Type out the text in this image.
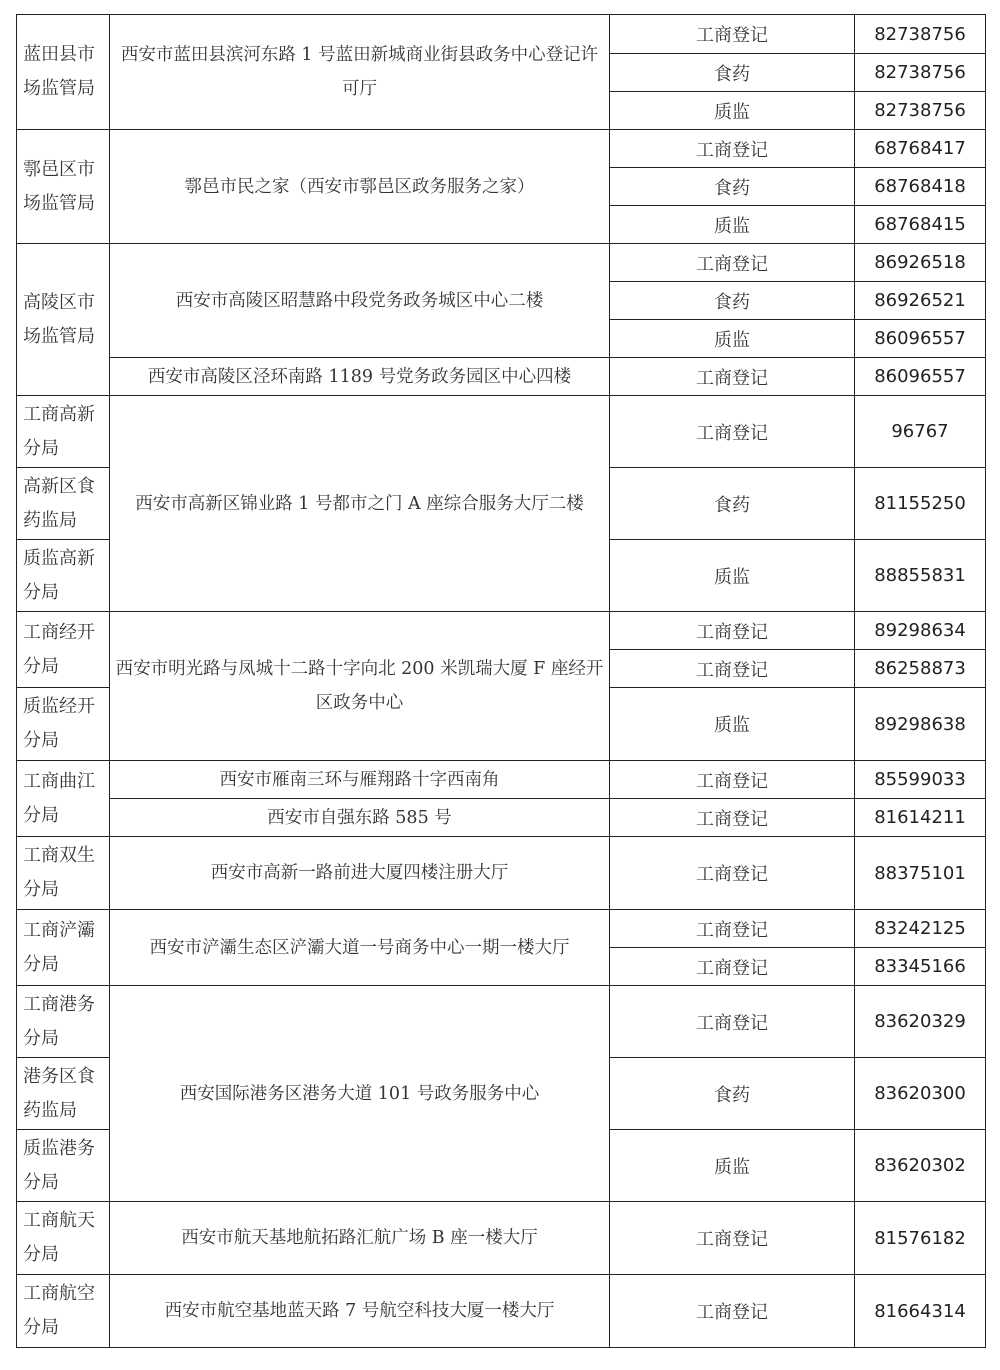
蓝田县市场监管局	西安市蓝田县滨河东路 1 号蓝田新城商业街县政务中心登记许可厅	工商登记	82738756
		食药	82738756
		质监	82738756
鄠邑区市场监管局	鄠邑市民之家（西安市鄠邑区政务服务之家）	工商登记	68768417
		食药	68768418
		质监	68768415
高陵区市场监管局	西安市高陵区昭慧路中段党务政务城区中心二楼	工商登记	86926518
		食药	86926521
		质监	86096557
	西安市高陵区泾环南路 1189 号党务政务园区中心四楼	工商登记	86096557
工商高新分局	西安市高新区锦业路 1 号都市之门 A 座综合服务大厅二楼	工商登记	96767
高新区食药监局		食药	81155250
质监高新分局		质监	88855831
工商经开分局	西安市明光路与凤城十二路十字向北 200 米凯瑞大厦 F 座经开区政务中心	工商登记	89298634
		工商登记	86258873
质监经开分局		质监	89298638
工商曲江分局	西安市雁南三环与雁翔路十字西南角	工商登记	85599033
	西安市自强东路 585 号	工商登记	81614211
工商双生分局	西安市高新一路前进大厦四楼注册大厅	工商登记	88375101
工商浐灞分局	西安市浐灞生态区浐灞大道一号商务中心一期一楼大厅	工商登记	83242125
		工商登记	83345166
工商港务分局	西安国际港务区港务大道 101 号政务服务中心	工商登记	83620329
港务区食药监局		食药	83620300
质监港务分局		质监	83620302
工商航天分局	西安市航天基地航拓路汇航广场 B 座一楼大厅	工商登记	81576182
工商航空分局	西安市航空基地蓝天路 7 号航空科技大厦一楼大厅	工商登记	81664314
